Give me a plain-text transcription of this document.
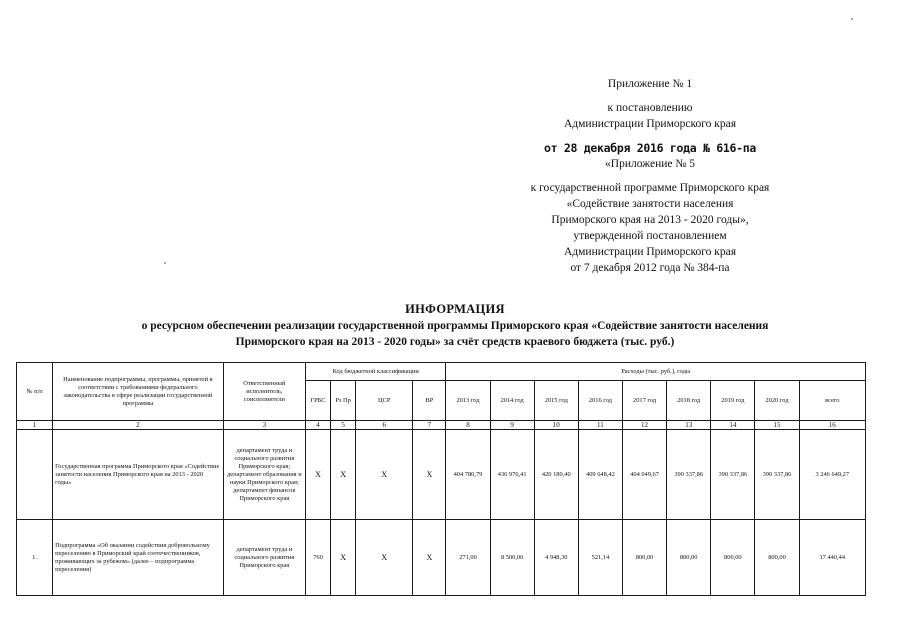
Приложение № 1
к постановлению
Администрации Приморского края
от 28 декабря 2016 года № 616-па
«Приложение № 5
к государственной программе Приморского края
«Содействие занятости населения
Приморского края на 2013 - 2020 годы»,
утвержденной постановлением
Администрации Приморского края
от 7 декабря 2012 года № 384-па
ИНФОРМАЦИЯ
о ресурсном обеспечении реализации государственной программы Приморского края «Содействие занятости населения
Приморского края на 2013 - 2020 годы» за счёт средств краевого бюджета (тыс. руб.)
№ п/п	Наименование подпрограммы, программы, принятой в соответствии с требованиями федерального законодательства в сфере реализации государственной программы	Ответственный исполнитель, соисполнители	Код бюджетной классификации				Расходы (тыс. руб.), годы								
			ГРБС	Рз Пр	ЦСР	ВР	2013 год	2014 год	2015 год	2016 год	2017 год	2018 год	2019 год	2020 год	всего
1	2	3	4	5	6	7	8	9	10	11	12	13	14	15	16
	Государственная программа Приморского края «Содействие занятости населения Приморского края на 2013 - 2020 годы»	департамент труда и социального развития Приморского края; департамент образования и науки Приморского края; департамент финансов Приморского края	X	X	X	X	404 780,79	436 976,41	420 180,40	409 648,42	404 049,67	390 337,86	390 337,86	390 337,86	3 246 649,27
1.	Подпрограмма «Об оказании содействия добровольному переселению в Приморский край соотечественников, проживающих за рубежом» (далее – подпрограмма переселения)	департамент труда и социального развития Приморского края	760	X	X	X	271,00	8 500,00	4 948,30	521,14	800,00	800,00	800,00	800,00	17 440,44
